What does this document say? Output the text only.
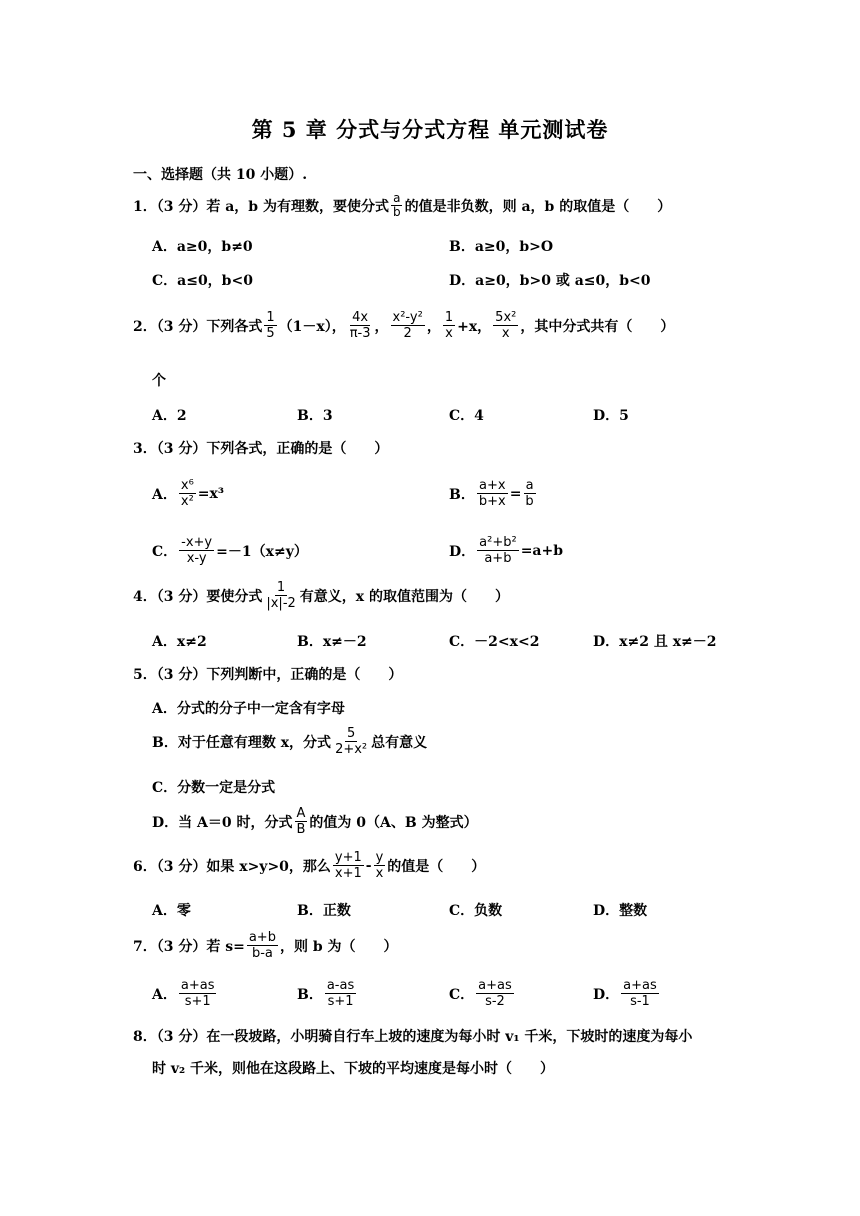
第 5 章 分式与分式方程 单元测试卷
一、选择题（共 10 小题）.
1．（3 分）若 a，b 为有理数，要使分式 $\frac{a}{b}$ 的值是非负数，则 a，b 的取值是（　　）
A．a≥0，b≠0	B．a≥0，b>O
C．a≤0，b<0	D．a≥0，b>0 或 a≤0，b<0
2．（3 分）下列各式 $\frac{1}{5} (1-x)$， $\frac{4x}{\pi-3}$ ， $\frac{\text{x²-y²}}{2}$ ， $\frac{1}{x} +x$， $\frac{\text{5x²}}{x}$ ，其中分式共有（　　）
个
A．2	B．3	C．4	D．5
3．（3 分）下列各式，正确的是（　　）
A． $\frac{\text{x⁶}}{\text{x²}} =x^3$	B． $\frac{a+x}{b+x} = \frac{a}{b}$
C． $\frac{-x+y}{x-y} =-1(x\ne y)$	D． $\frac{\text{a²+b²}}{a+b} =a+b$
4．（3 分）要使分式 $\frac{1}{|x|-2}$ 有意义，x 的取值范围为（　　）
A．x≠2	B．x≠－2	C．－2<x<2	D．x≠2 且 x≠－2
5．（3 分）下列判断中，正确的是（　　）
A．分式的分子中一定含有字母
B．对于任意有理数 x，分式 $\frac{5}{\text{2+x²}}$ 总有意义
C．分数一定是分式
D．当 A＝0 时，分式 $\frac{A}{B}$ 的值为 0（A、B 为整式）
6．（3 分）如果 x>y>0，那么 $\frac{y+1}{x+1} - \frac{y}{x}$ 的值是（　　）
A．零	B．正数	C．负数	D．整数
7．（3 分）若 $s= \frac{a+b}{b-a}$ ，则 b 为（　　）
A． $\frac{a+as}{s+1}$	B． $\frac{a-as}{s+1}$	C． $\frac{a+as}{s-2}$	D． $\frac{a+as}{s-1}$
8．（3 分）在一段坡路，小明骑自行车上坡的速度为每小时 v₁ 千米，下坡时的速度为每小
时 v₂ 千米，则他在这段路上、下坡的平均速度是每小时（　　）
